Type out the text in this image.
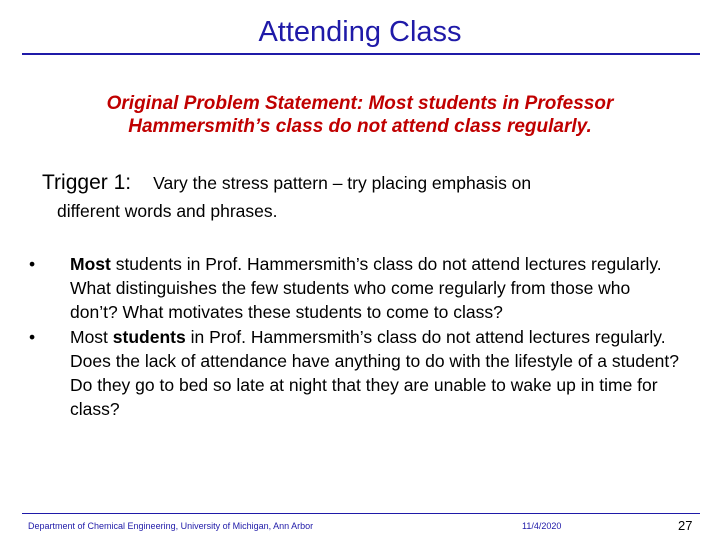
Attending Class
Original Problem Statement: Most students in Professor
Hammersmith’s class do not attend class regularly.
Trigger 1: Vary the stress pattern – try placing emphasis on
different words and phrases.
• Most students in Prof. Hammersmith’s class do not attend lectures regularly. What distinguishes the few students who come regularly from those who don’t? What motivates these students to come to class?
• Most students in Prof. Hammersmith’s class do not attend lectures regularly. Does the lack of attendance have anything to do with the lifestyle of a student? Do they go to bed so late at night that they are unable to wake up in time for class?
Department of Chemical Engineering, University of Michigan, Ann Arbor	11/4/2020	27
